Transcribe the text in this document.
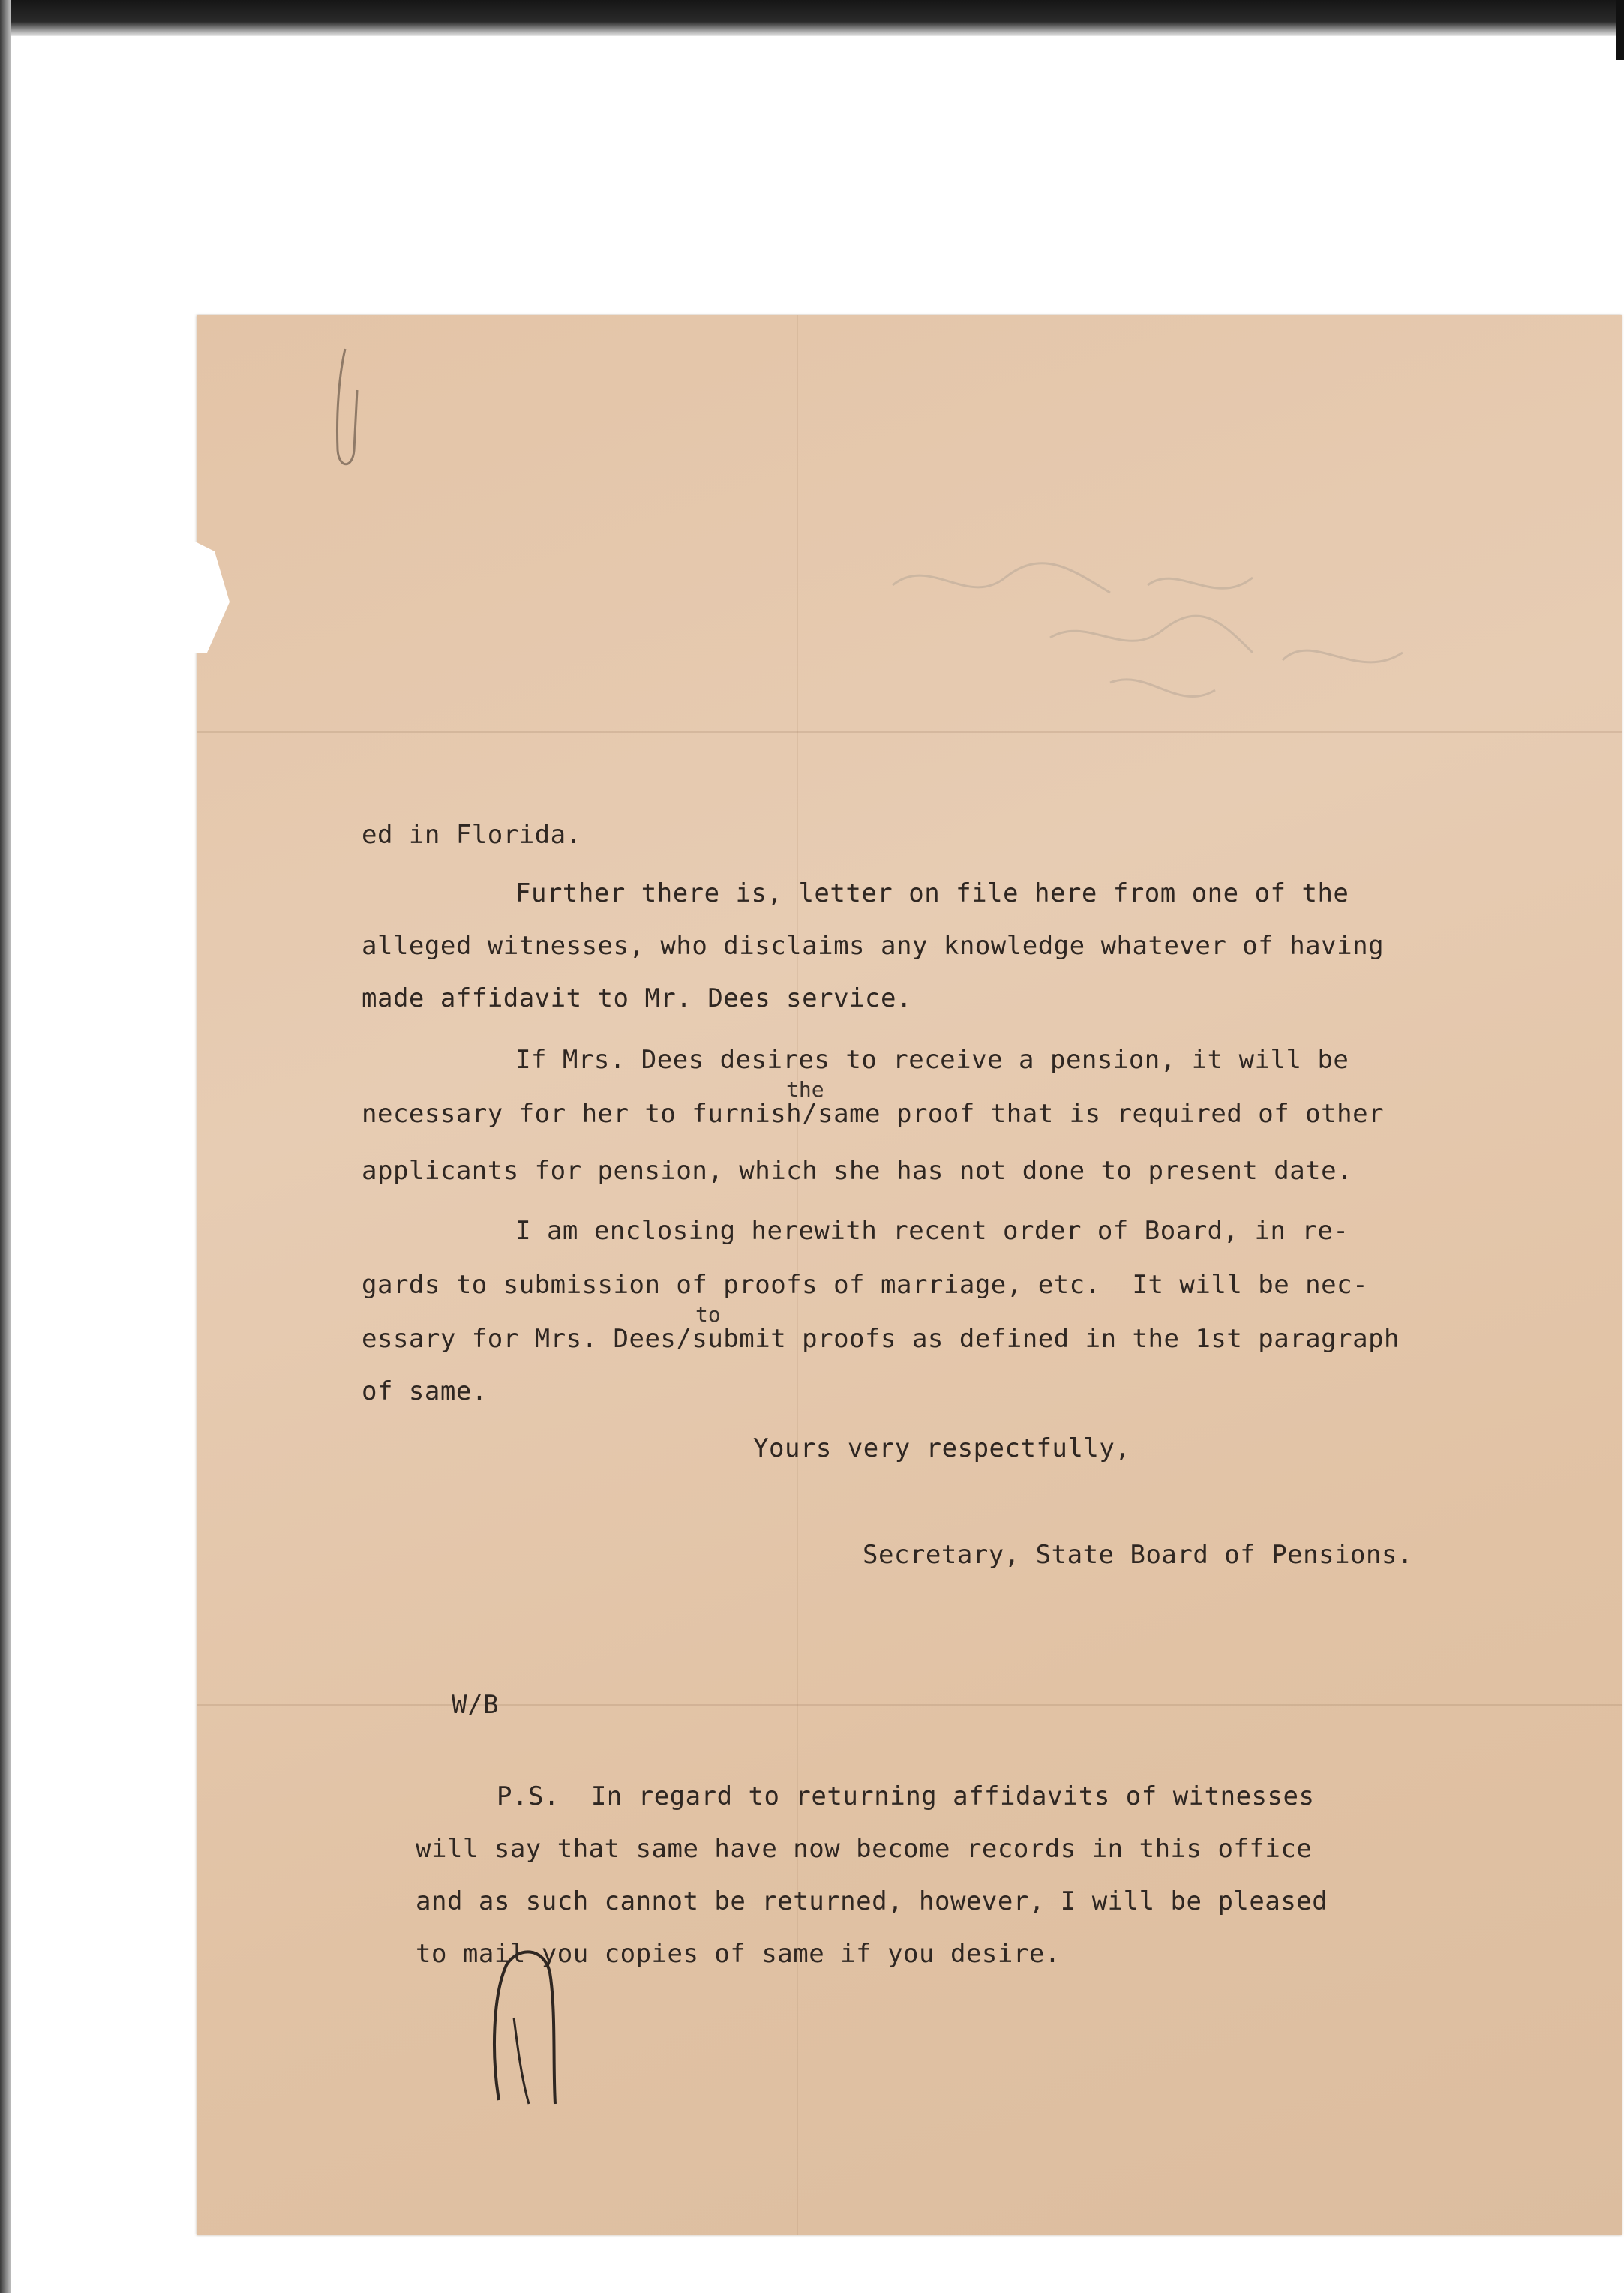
ed in Florida.
Further there is, letter on file here from one of the
alleged witnesses, who disclaims any knowledge whatever of having
made affidavit to Mr. Dees service.
If Mrs. Dees desires to receive a pension, it will be
the
necessary for her to furnish/same proof that is required of other
applicants for pension, which she has not done to present date.
I am enclosing herewith recent order of Board, in re-
gards to submission of proofs of marriage, etc.  It will be nec-
to
essary for Mrs. Dees/submit proofs as defined in the 1st paragraph
of same.
Yours very respectfully,
Secretary, State Board of Pensions.
W/B
P.S.  In regard to returning affidavits of witnesses
will say that same have now become records in this office
and as such cannot be returned, however, I will be pleased
to mail you copies of same if you desire.
